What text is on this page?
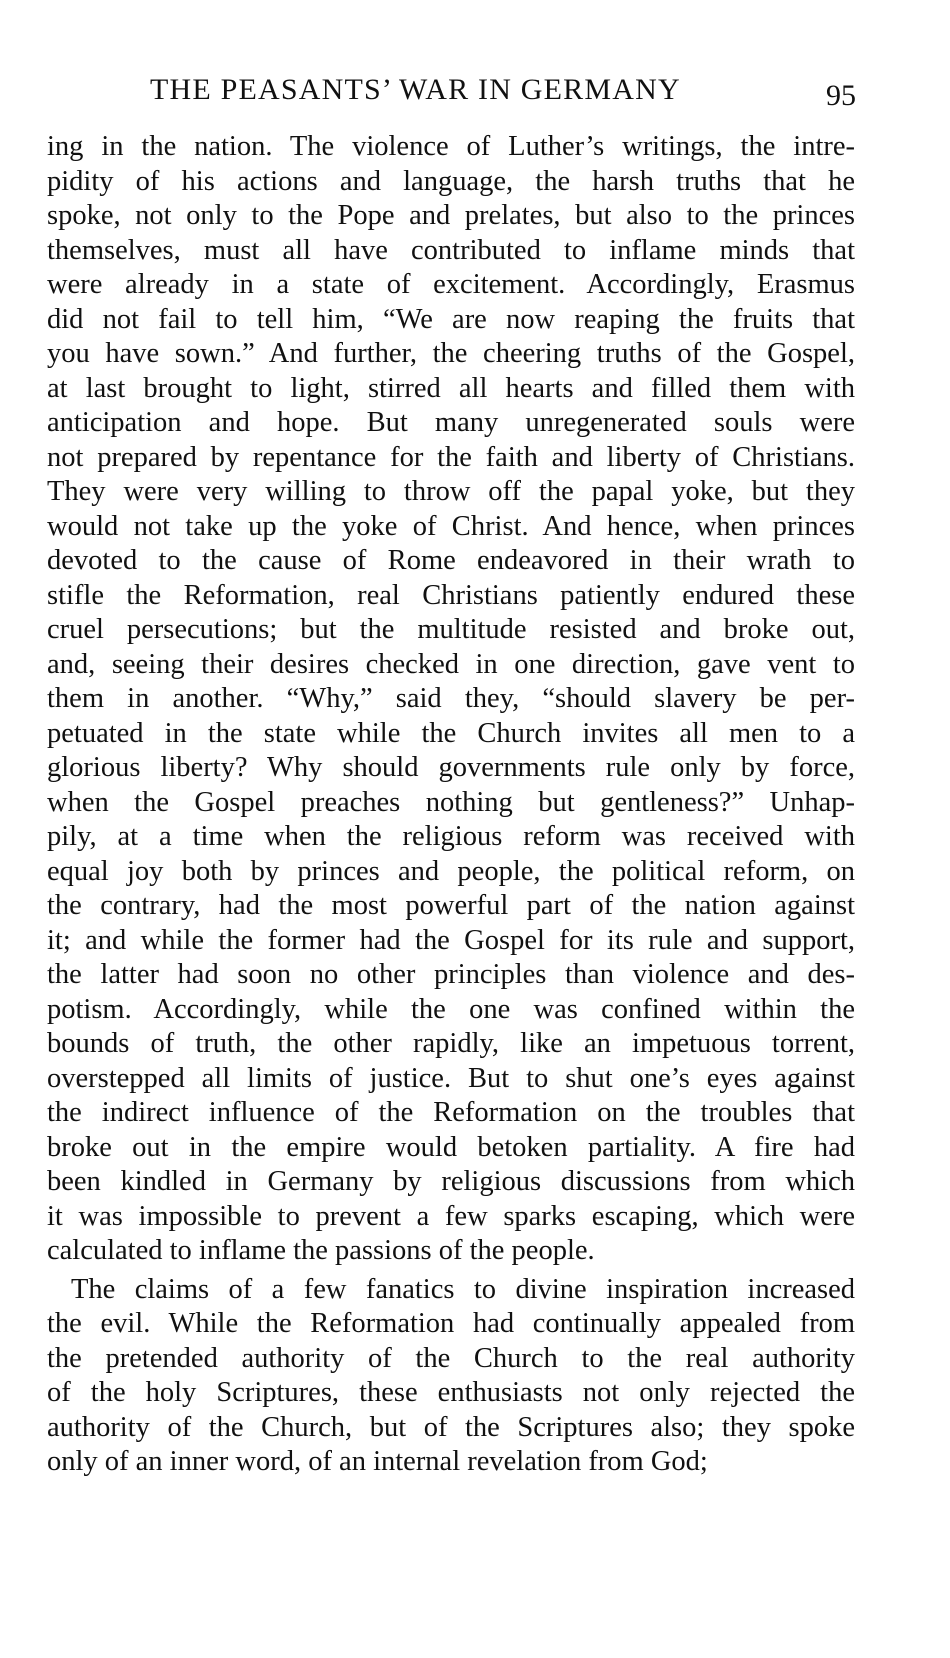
THE PEASANTS’ WAR IN GERMANY	95
ing in the nation. The violence of Luther’s writings, the intre-
pidity of his actions and language, the harsh truths that he
spoke, not only to the Pope and prelates, but also to the princes
themselves, must all have contributed to inflame minds that
were already in a state of excitement. Accordingly, Erasmus
did not fail to tell him, “We are now reaping the fruits that
you have sown.” And further, the cheering truths of the Gospel,
at last brought to light, stirred all hearts and filled them with
anticipation and hope. But many unregenerated souls were
not prepared by repentance for the faith and liberty of Christians.
They were very willing to throw off the papal yoke, but they
would not take up the yoke of Christ. And hence, when princes
devoted to the cause of Rome endeavored in their wrath to
stifle the Reformation, real Christians patiently endured these
cruel persecutions; but the multitude resisted and broke out,
and, seeing their desires checked in one direction, gave vent to
them in another. “Why,” said they, “should slavery be per-
petuated in the state while the Church invites all men to a
glorious liberty? Why should governments rule only by force,
when the Gospel preaches nothing but gentleness?” Unhap-
pily, at a time when the religious reform was received with
equal joy both by princes and people, the political reform, on
the contrary, had the most powerful part of the nation against
it; and while the former had the Gospel for its rule and support,
the latter had soon no other principles than violence and des-
potism. Accordingly, while the one was confined within the
bounds of truth, the other rapidly, like an impetuous torrent,
overstepped all limits of justice. But to shut one’s eyes against
the indirect influence of the Reformation on the troubles that
broke out in the empire would betoken partiality. A fire had
been kindled in Germany by religious discussions from which
it was impossible to prevent a few sparks escaping, which were
calculated to inflame the passions of the people.
The claims of a few fanatics to divine inspiration increased
the evil. While the Reformation had continually appealed from
the pretended authority of the Church to the real authority
of the holy Scriptures, these enthusiasts not only rejected the
authority of the Church, but of the Scriptures also; they spoke
only of an inner word, of an internal revelation from God;
